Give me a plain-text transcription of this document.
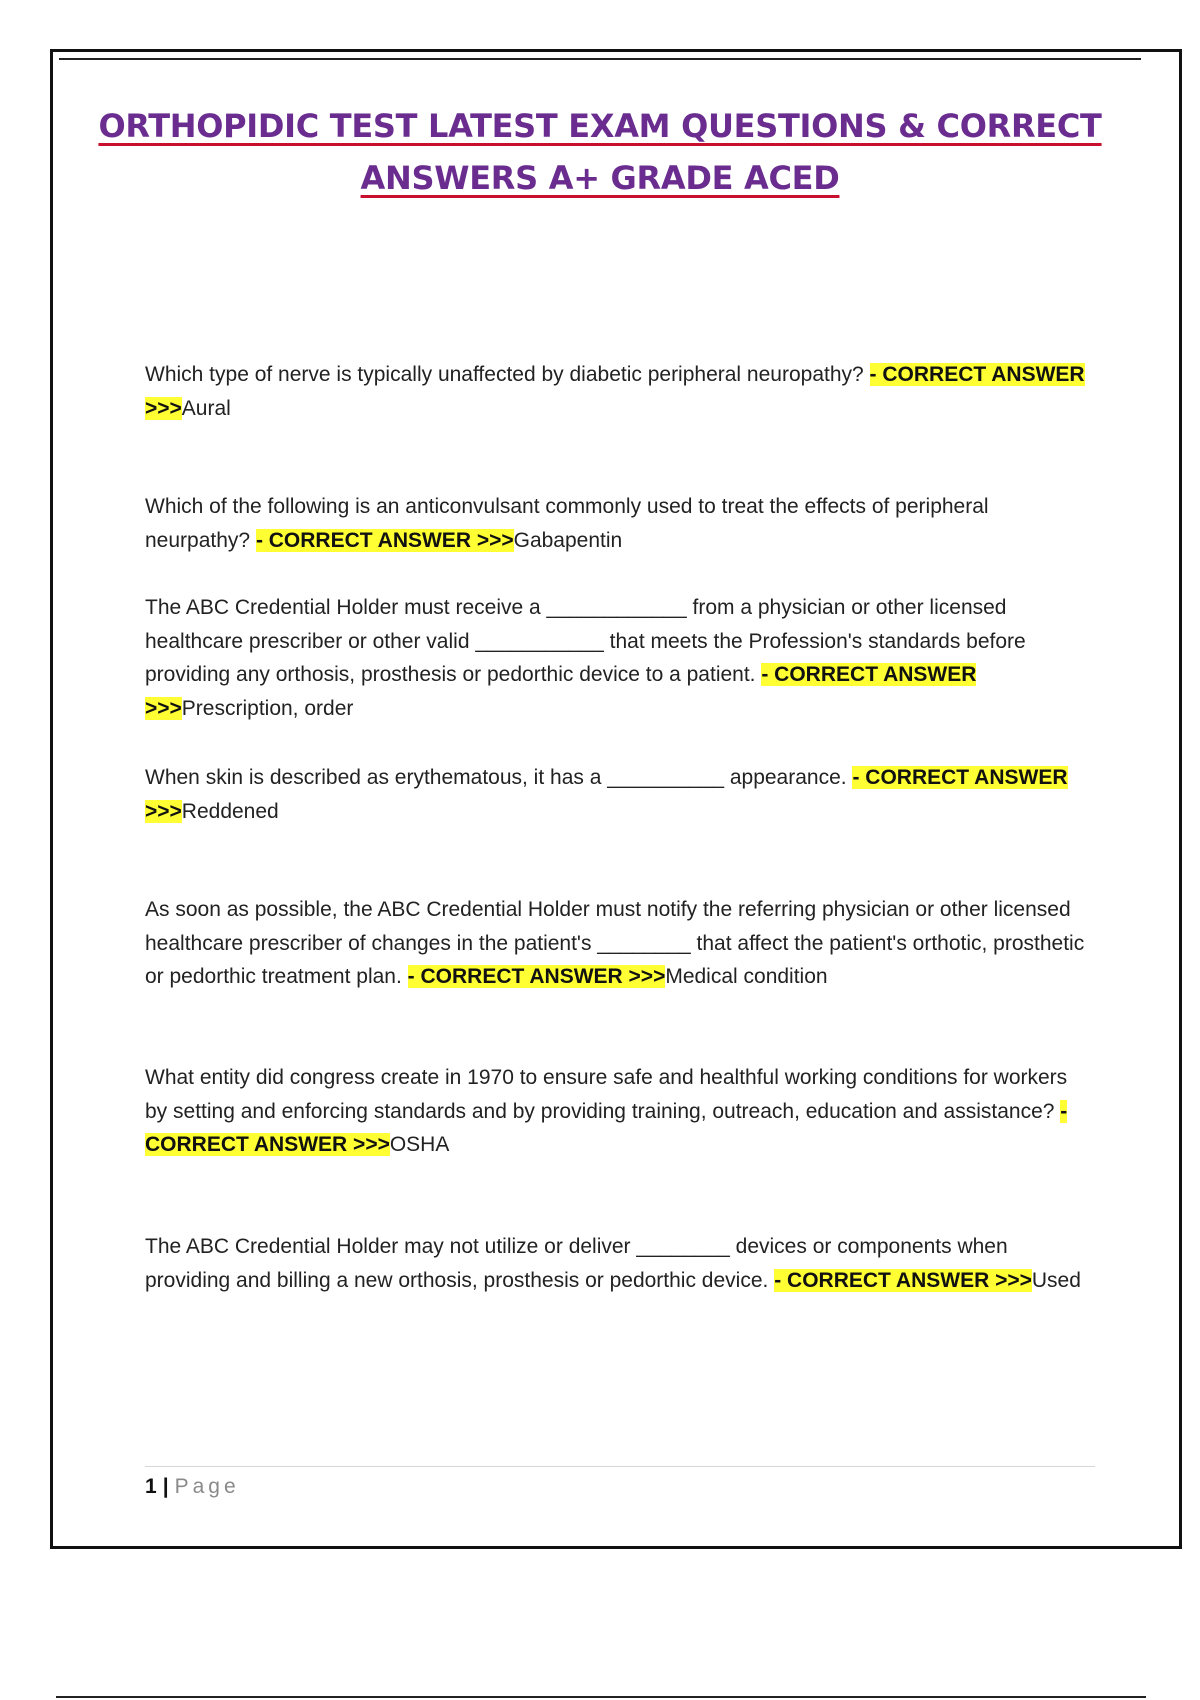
ORTHOPIDIC TEST LATEST EXAM QUESTIONS & CORRECT
ANSWERS A+ GRADE ACED

Which type of nerve is typically unaffected by diabetic peripheral neuropathy? - CORRECT ANSWER >>>Aural

Which of the following is an anticonvulsant commonly used to treat the effects of peripheral neurpathy? - CORRECT ANSWER >>>Gabapentin

The ABC Credential Holder must receive a ____________ from a physician or other licensed healthcare prescriber or other valid ___________ that meets the Profession's standards before providing any orthosis, prosthesis or pedorthic device to a patient. - CORRECT ANSWER >>>Prescription, order

When skin is described as erythematous, it has a __________ appearance. - CORRECT ANSWER >>>Reddened

As soon as possible, the ABC Credential Holder must notify the referring physician or other licensed healthcare prescriber of changes in the patient's ________ that affect the patient's orthotic, prosthetic or pedorthic treatment plan. - CORRECT ANSWER >>>Medical condition

What entity did congress create in 1970 to ensure safe and healthful working conditions for workers by setting and enforcing standards and by providing training, outreach, education and assistance? - CORRECT ANSWER >>>OSHA

The ABC Credential Holder may not utilize or deliver ________ devices or components when providing and billing a new orthosis, prosthesis or pedorthic device. - CORRECT ANSWER >>>Used

1 | Page
